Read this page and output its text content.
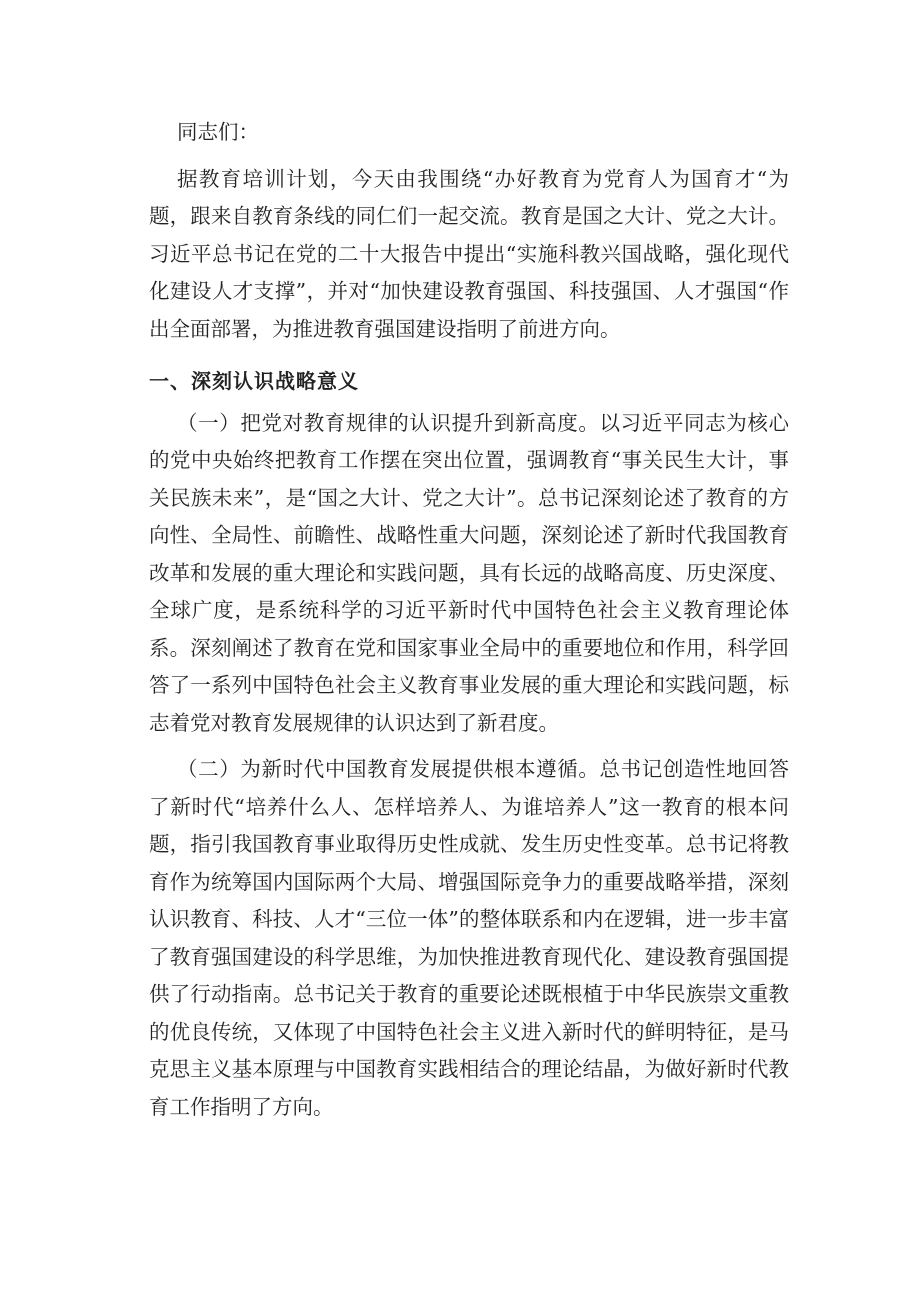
同志们：

据教育培训计划，今天由我围绕“办好教育为党育人为国育才“为题，跟来自教育条线的同仁们一起交流。教育是国之大计、党之大计。习近平总书记在党的二十大报告中提出“实施科教兴国战略，强化现代化建设人才支撑”，并对“加快建设教育强国、科技强国、人才强国“作出全面部署，为推进教育强国建设指明了前进方向。

一、深刻认识战略意义

（一）把党对教育规律的认识提升到新高度。以习近平同志为核心的党中央始终把教育工作摆在突出位置，强调教育“事关民生大计，事关民族未来”，是“国之大计、党之大计”。总书记深刻论述了教育的方向性、全局性、前瞻性、战略性重大问题，深刻论述了新时代我国教育改革和发展的重大理论和实践问题，具有长远的战略高度、历史深度、全球广度，是系统科学的习近平新时代中国特色社会主义教育理论体系。深刻阐述了教育在党和国家事业全局中的重要地位和作用，科学回答了一系列中国特色社会主义教育事业发展的重大理论和实践问题，标志着党对教育发展规律的认识达到了新君度。

（二）为新时代中国教育发展提供根本遵循。总书记创造性地回答了新时代“培养什么人、怎样培养人、为谁培养人”这一教育的根本问题，指引我国教育事业取得历史性成就、发生历史性变革。总书记将教育作为统筹国内国际两个大局、增强国际竞争力的重要战略举措，深刻认识教育、科技、人才“三位一体”的整体联系和内在逻辑，进一步丰富了教育强国建设的科学思维，为加快推进教育现代化、建设教育强国提供了行动指南。总书记关于教育的重要论述既根植于中华民族崇文重教的优良传统，又体现了中国特色社会主义进入新时代的鲜明特征，是马克思主义基本原理与中国教育实践相结合的理论结晶，为做好新时代教育工作指明了方向。
